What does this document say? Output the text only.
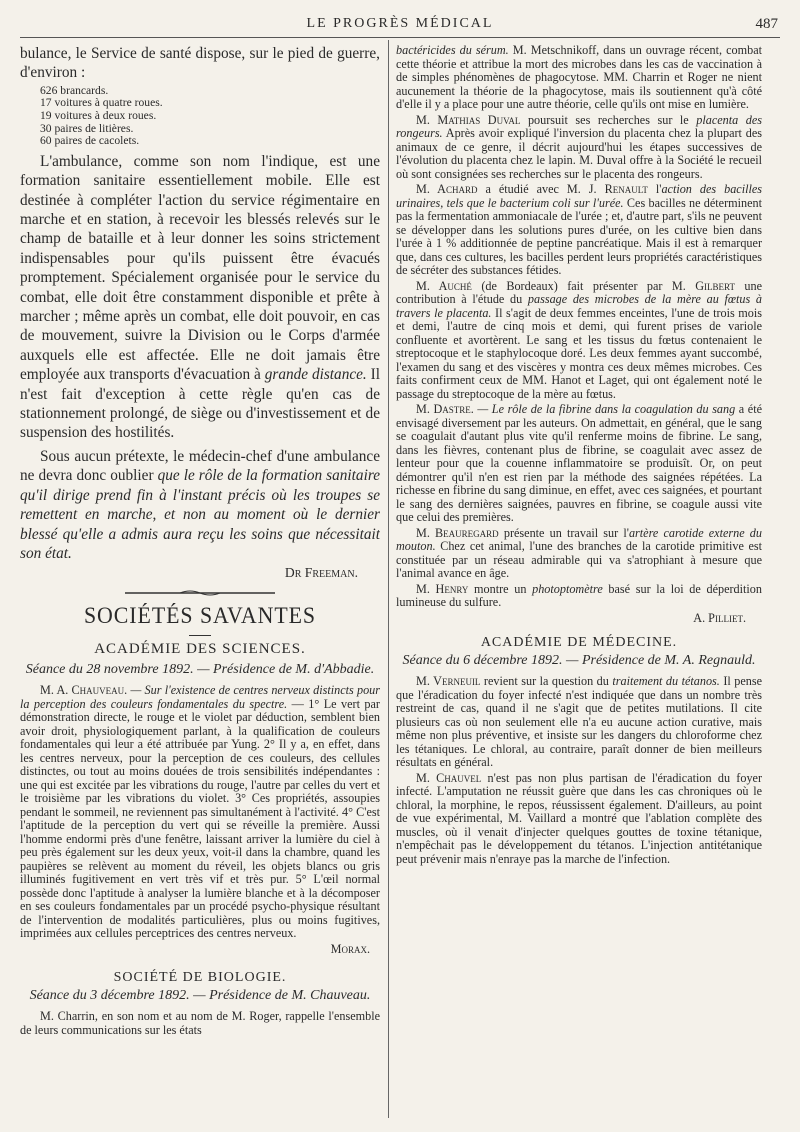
LE PROGRÈS MÉDICAL	487

bulance, le Service de santé dispose, sur le pied de guerre, d'environ :

626 brancards.
17 voitures à quatre roues.
19 voitures à deux roues.
30 paires de litières.
60 paires de cacolets.

L'ambulance, comme son nom l'indique, est une formation sanitaire essentiellement mobile. Elle est destinée à compléter l'action du service régimentaire en marche et en station, à recevoir les blessés relevés sur le champ de bataille et à leur donner les soins strictement indispensables pour qu'ils puissent être évacués promptement. Spécialement organisée pour le service du combat, elle doit être constamment disponible et prête à marcher ; même après un combat, elle doit pouvoir, en cas de mouvement, suivre la Division ou le Corps d'armée auxquels elle est affectée. Elle ne doit jamais être employée aux transports d'évacuation à grande distance. Il n'est fait d'exception à cette règle qu'en cas de stationnement prolongé, de siège ou d'investissement et de suspension des hostilités.

Sous aucun prétexte, le médecin-chef d'une ambulance ne devra donc oublier que le rôle de la formation sanitaire qu'il dirige prend fin à l'instant précis où les troupes se remettent en marche, et non au moment où le dernier blessé qu'elle a admis aura reçu les soins que nécessitait son état.

Dr Freeman.

SOCIÉTÉS SAVANTES

ACADÉMIE DES SCIENCES.

Séance du 28 novembre 1892. — Présidence de M. d'Abbadie.

M. A. Chauveau. — Sur l'existence de centres nerveux distincts pour la perception des couleurs fondamentales du spectre. — 1° Le vert par démonstration directe, le rouge et le violet par déduction, semblent bien avoir droit, physiologiquement parlant, à la qualification de couleurs fondamentales qui leur a été attribuée par Yung. 2° Il y a, en effet, dans les centres nerveux, pour la perception de ces couleurs, des cellules distinctes, ou tout au moins douées de trois sensibilités indépendantes : une qui est excitée par les vibrations du rouge, l'autre par celles du vert et le troisième par les vibrations du violet. 3° Ces propriétés, assoupies pendant le sommeil, ne reviennent pas simultanément à l'activité. 4° C'est l'aptitude de la perception du vert qui se réveille la première. Aussi l'homme endormi près d'une fenêtre, laissant arriver la lumière du ciel à peu près également sur les deux yeux, voit-il dans la chambre, quand les paupières se relèvent au moment du réveil, les objets blancs ou gris illuminés fugitivement en vert très vif et très pur. 5° L'œil normal possède donc l'aptitude à analyser la lumière blanche et à la décomposer en ses couleurs fondamentales par un procédé psycho-physique résultant de l'intervention de modalités particulières, plus ou moins fugitives, imprimées aux cellules perceptrices des centres nerveux.

Morax.

SOCIÉTÉ DE BIOLOGIE.

Séance du 3 décembre 1892. — Présidence de M. Chauveau.

M. Charrin, en son nom et au nom de M. Roger, rappelle l'ensemble de leurs communications sur les états

bactéricides du sérum. M. Metschnikoff, dans un ouvrage récent, combat cette théorie et attribue la mort des microbes dans les cas de vaccination à de simples phénomènes de phagocytose. MM. Charrin et Roger ne nient aucunement la théorie de la phagocytose, mais ils soutiennent qu'à côté d'elle il y a place pour une autre théorie, celle qu'ils ont mise en lumière.

M. Mathias Duval poursuit ses recherches sur le placenta des rongeurs. Après avoir expliqué l'inversion du placenta chez la plupart des animaux de ce genre, il décrit aujourd'hui les étapes successives de l'évolution du placenta chez le lapin. M. Duval offre à la Société le recueil où sont consignées ses recherches sur le placenta des rongeurs.

M. Achard a étudié avec M. J. Renault l'action des bacilles urinaires, tels que le bacterium coli sur l'urée. Ces bacilles ne déterminent pas la fermentation ammoniacale de l'urée ; et, d'autre part, s'ils ne peuvent se développer dans les solutions pures d'urée, on les cultive bien dans l'urée à 1 % additionnée de peptine pancréatique. Mais il est à remarquer que, dans ces cultures, les bacilles perdent leurs propriétés caractéristiques de sécréter des substances fétides.

M. Auché (de Bordeaux) fait présenter par M. Gilbert une contribution à l'étude du passage des microbes de la mère au fœtus à travers le placenta. Il s'agit de deux femmes enceintes, l'une de trois mois et demi, l'autre de cinq mois et demi, qui furent prises de variole confluente et avortèrent. Le sang et les tissus du fœtus contenaient le streptocoque et le staphylocoque doré. Les deux femmes ayant succombé, l'examen du sang et des viscères y montra ces deux mêmes microbes. Ces faits confirment ceux de MM. Hanot et Laget, qui ont également noté le passage du streptocoque de la mère au fœtus.

M. Dastre. — Le rôle de la fibrine dans la coagulation du sang a été envisagé diversement par les auteurs. On admettait, en général, que le sang se coagulait d'autant plus vite qu'il renferme moins de fibrine. Le sang, dans les fièvres, contenant plus de fibrine, se coagulait avec assez de lenteur pour que la couenne inflammatoire se produisît. Or, on peut démontrer qu'il n'en est rien par la méthode des saignées répétées. La richesse en fibrine du sang diminue, en effet, avec ces saignées, et pourtant le sang des dernières saignées, pauvres en fibrine, se coagule aussi vite que celui des premières.

M. Beauregard présente un travail sur l'artère carotide externe du mouton. Chez cet animal, l'une des branches de la carotide primitive est constituée par un réseau admirable qui va s'atrophiant à mesure que l'animal avance en âge.

M. Henry montre un photoptomètre basé sur la loi de déperdition lumineuse du sulfure.

A. Pilliet.

ACADÉMIE DE MÉDECINE.

Séance du 6 décembre 1892. — Présidence de M. A. Regnauld.

M. Verneuil revient sur la question du traitement du tétanos. Il pense que l'éradication du foyer infecté n'est indiquée que dans un nombre très restreint de cas, quand il ne s'agit que de petites mutilations. Il cite plusieurs cas où non seulement elle n'a eu aucune action curative, mais même non plus préventive, et insiste sur les dangers du chloroforme chez les tétaniques. Le chloral, au contraire, paraît donner de bien meilleurs résultats en général.

M. Chauvel n'est pas non plus partisan de l'éradication du foyer infecté. L'amputation ne réussit guère que dans les cas chroniques où le chloral, la morphine, le repos, réussissent également. D'ailleurs, au point de vue expérimental, M. Vaillard a montré que l'ablation complète des muscles, où il venait d'injecter quelques gouttes de toxine tétanique, n'empêchait pas le développement du tétanos. L'injection antitétanique peut prévenir mais n'enraye pas la marche de l'infection.
